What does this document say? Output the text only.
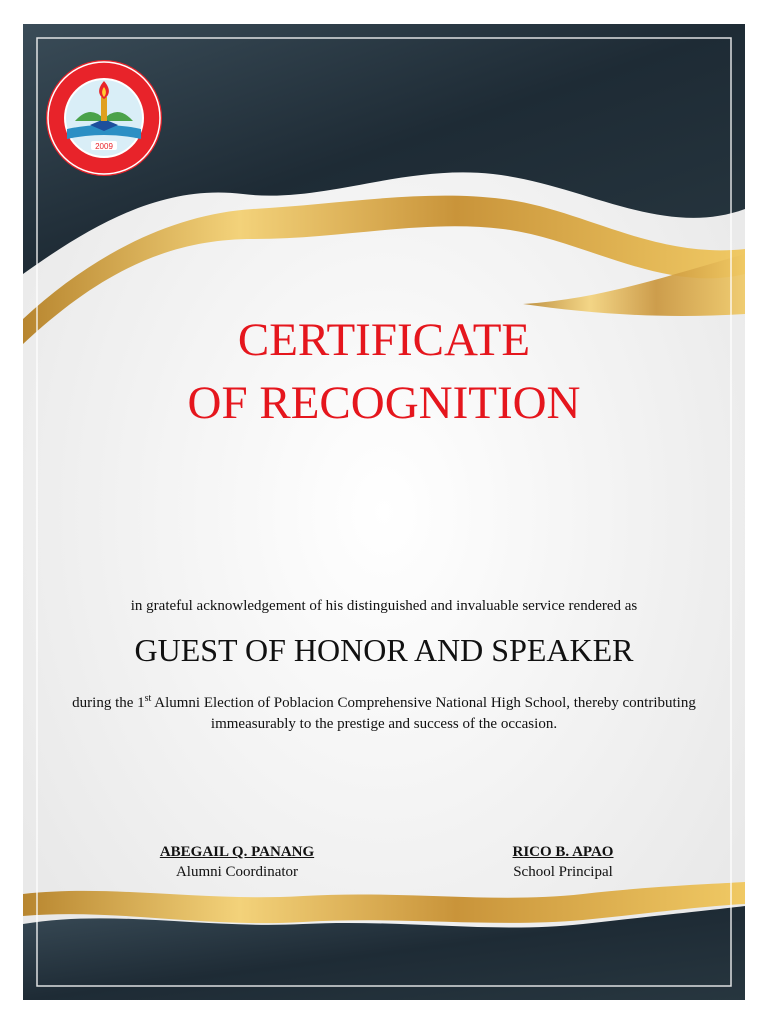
2009
CERTIFICATE
OF RECOGNITION
in grateful acknowledgement of his distinguished and invaluable service rendered as
GUEST OF HONOR AND SPEAKER
during the 1st Alumni Election of Poblacion Comprehensive National High School, thereby contributing immeasurably to the prestige and success of the occasion.
ABEGAIL Q. PANANG
Alumni Coordinator
RICO B. APAO
School Principal
